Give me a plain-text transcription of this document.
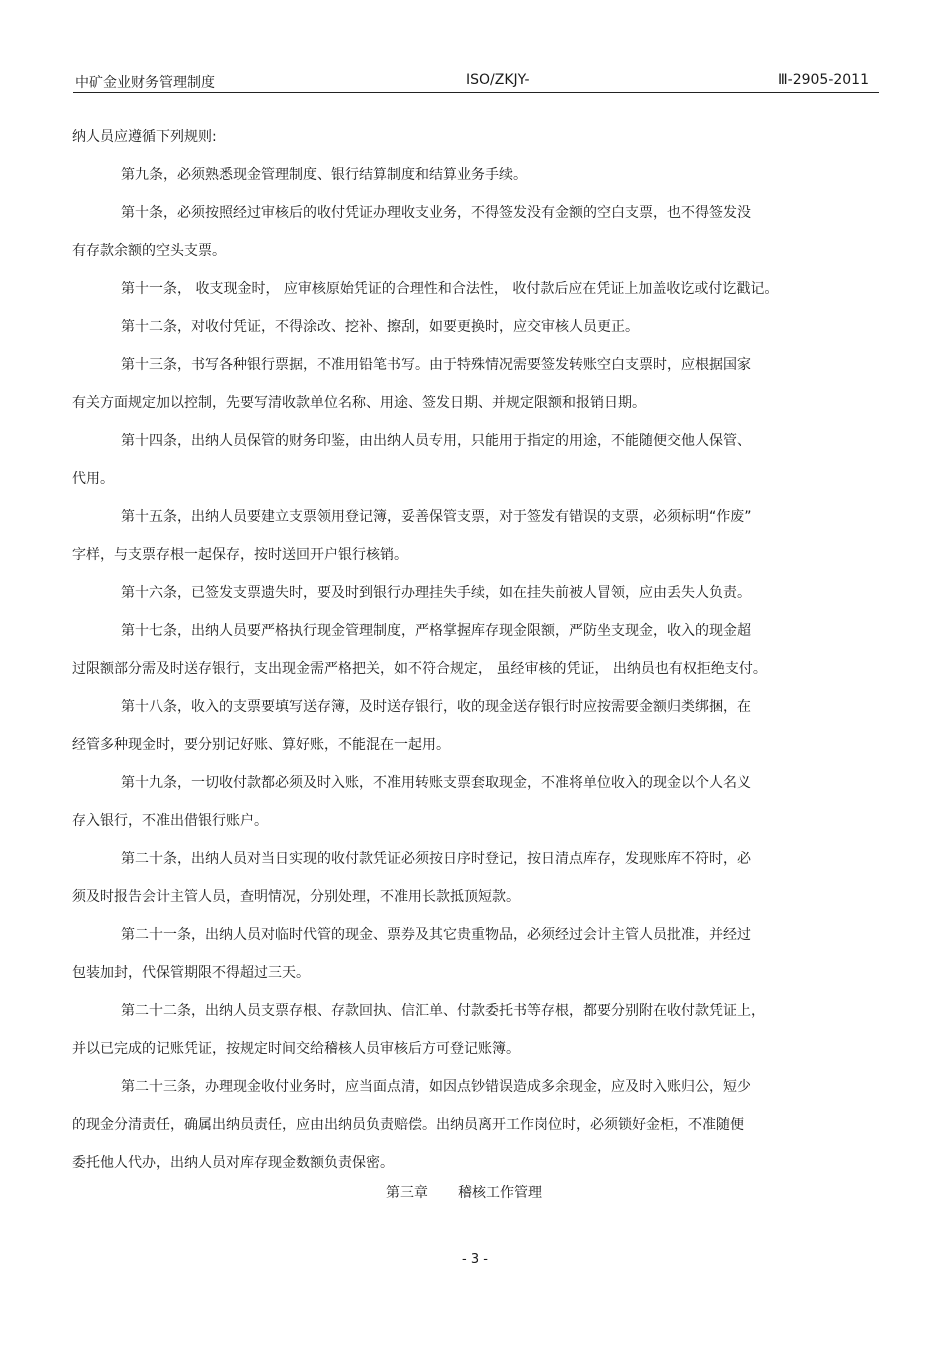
中矿金业财务管理制度	ISO/ZKJY-	Ⅲ-2905-2011
纳人员应遵循下列规则:
第九条，必须熟悉现金管理制度、银行结算制度和结算业务手续。
第十条，必须按照经过审核后的收付凭证办理收支业务，不得签发没有金额的空白支票，也不得签发没
有存款余额的空头支票。
第十一条， 收支现金时， 应审核原始凭证的合理性和合法性， 收付款后应在凭证上加盖收讫或付讫戳记。
第十二条，对收付凭证，不得涂改、挖补、擦刮，如要更换时，应交审核人员更正。
第十三条，书写各种银行票据，不准用铅笔书写。由于特殊情况需要签发转账空白支票时，应根据国家
有关方面规定加以控制，先要写清收款单位名称、用途、签发日期、并规定限额和报销日期。
第十四条，出纳人员保管的财务印鉴，由出纳人员专用，只能用于指定的用途，不能随便交他人保管、
代用。
第十五条，出纳人员要建立支票领用登记簿，妥善保管支票，对于签发有错误的支票，必须标明“作废”
字样，与支票存根一起保存，按时送回开户银行核销。
第十六条，已签发支票遗失时，要及时到银行办理挂失手续，如在挂失前被人冒领，应由丢失人负责。
第十七条，出纳人员要严格执行现金管理制度，严格掌握库存现金限额，严防坐支现金，收入的现金超
过限额部分需及时送存银行，支出现金需严格把关，如不符合规定， 虽经审核的凭证， 出纳员也有权拒绝支付。
第十八条，收入的支票要填写送存簿，及时送存银行，收的现金送存银行时应按需要金额归类绑捆，在
经管多种现金时，要分别记好账、算好账，不能混在一起用。
第十九条，一切收付款都必须及时入账，不准用转账支票套取现金，不准将单位收入的现金以个人名义
存入银行，不准出借银行账户。
第二十条，出纳人员对当日实现的收付款凭证必须按日序时登记，按日清点库存，发现账库不符时，必
须及时报告会计主管人员，查明情况，分别处理，不准用长款抵顶短款。
第二十一条，出纳人员对临时代管的现金、票券及其它贵重物品，必须经过会计主管人员批准，并经过
包装加封，代保管期限不得超过三天。
第二十二条，出纳人员支票存根、存款回执、信汇单、付款委托书等存根，都要分别附在收付款凭证上，
并以已完成的记账凭证，按规定时间交给稽核人员审核后方可登记账簿。
第二十三条，办理现金收付业务时，应当面点清，如因点钞错误造成多余现金，应及时入账归公，短少
的现金分清责任，确属出纳员责任，应由出纳员负责赔偿。出纳员离开工作岗位时，必须锁好金柜，不准随便
委托他人代办，出纳人员对库存现金数额负责保密。
第三章 稽核工作管理
- 3 -
